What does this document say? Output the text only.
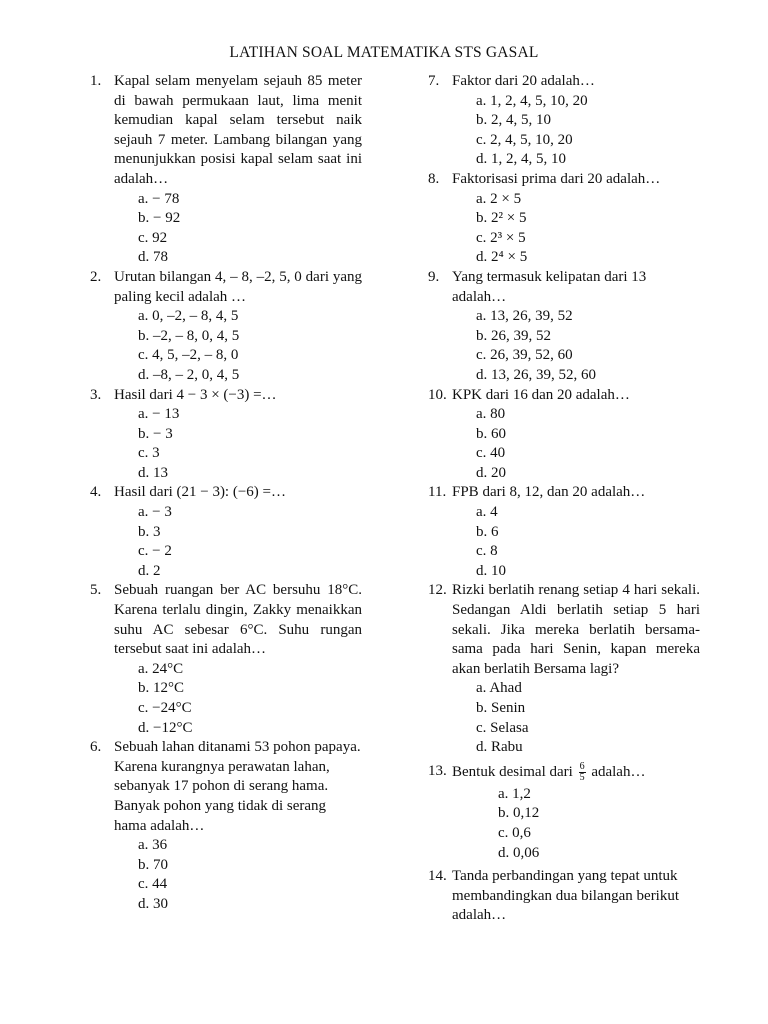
LATIHAN SOAL MATEMATIKA STS GASAL
1. Kapal selam menyelam sejauh 85 meter di bawah permukaan laut, lima menit kemudian kapal selam tersebut naik sejauh 7 meter. Lambang bilangan yang menunjukkan posisi kapal selam saat ini adalah…
a. − 78
b. − 92
c. 92
d. 78
2. Urutan bilangan 4, – 8, –2, 5, 0 dari yang paling kecil adalah …
a. 0, –2, – 8, 4, 5
b. –2, – 8, 0, 4, 5
c. 4, 5, –2, – 8, 0
d. –8, – 2, 0, 4, 5
3. Hasil dari 4 − 3 × (−3) =…
a. − 13
b. − 3
c. 3
d. 13
4. Hasil dari (21 − 3): (−6) =…
a. − 3
b. 3
c. − 2
d. 2
5. Sebuah ruangan ber AC bersuhu 18°C. Karena terlalu dingin, Zakky menaikkan suhu AC sebesar 6°C. Suhu rungan tersebut saat ini adalah…
a. 24°C
b. 12°C
c. −24°C
d. −12°C
6. Sebuah lahan ditanami 53 pohon papaya. Karena kurangnya perawatan lahan, sebanyak 17 pohon di serang hama. Banyak pohon yang tidak di serang hama adalah…
a. 36
b. 70
c. 44
d. 30
7. Faktor dari 20 adalah…
a. 1, 2, 4, 5, 10, 20
b. 2, 4, 5, 10
c. 2, 4, 5, 10, 20
d. 1, 2, 4, 5, 10
8. Faktorisasi prima dari 20 adalah…
a. 2 × 5
b. 2² × 5
c. 2³ × 5
d. 2⁴ × 5
9. Yang termasuk kelipatan dari 13 adalah…
a. 13, 26, 39, 52
b. 26, 39, 52
c. 26, 39, 52, 60
d. 13, 26, 39, 52, 60
10. KPK dari 16 dan 20 adalah…
a. 80
b. 60
c. 40
d. 20
11. FPB dari 8, 12, dan 20 adalah…
a. 4
b. 6
c. 8
d. 10
12. Rizki berlatih renang setiap 4 hari sekali. Sedangan Aldi berlatih setiap 5 hari sekali. Jika mereka berlatih bersama-sama pada hari Senin, kapan mereka akan berlatih Bersama lagi?
a. Ahad
b. Senin
c. Selasa
d. Rabu
13. Bentuk desimal dari $\frac{6}{5}$ adalah…
a. 1,2
b. 0,12
c. 0,6
d. 0,06
14. Tanda perbandingan yang tepat untuk membandingkan dua bilangan berikut adalah…
